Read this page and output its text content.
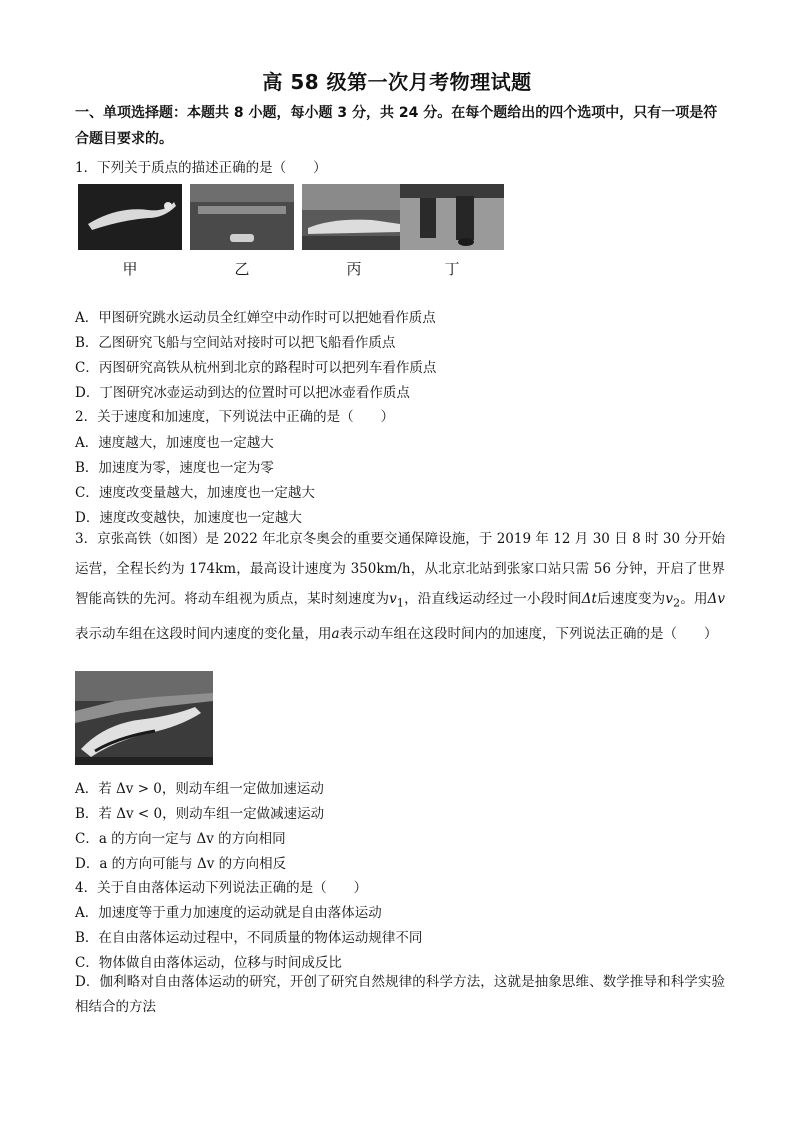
高 58 级第一次月考物理试题
一、单项选择题：本题共 8 小题，每小题 3 分，共 24 分。在每个题给出的四个选项中，只有一项是符合题目要求的。
1．下列关于质点的描述正确的是（　　）
甲	乙	丙	丁
A．甲图研究跳水运动员全红婵空中动作时可以把她看作质点
B．乙图研究飞船与空间站对接时可以把飞船看作质点
C．丙图研究高铁从杭州到北京的路程时可以把列车看作质点
D．丁图研究冰壶运动到达的位置时可以把冰壶看作质点
2．关于速度和加速度，下列说法中正确的是（　　）
A．速度越大，加速度也一定越大
B．加速度为零，速度也一定为零
C．速度改变量越大，加速度也一定越大
D．速度改变越快，加速度也一定越大
3．京张高铁（如图）是 2022 年北京冬奥会的重要交通保障设施，于 2019 年 12 月 30 日 8 时 30 分开始运营，全程长约为 174km，最高设计速度为 350km/h，从北京北站到张家口站只需 56 分钟，开启了世界智能高铁的先河。将动车组视为质点，某时刻速度为$v_1$，沿直线运动经过一小段时间Δt后速度变为$v_2$。用Δv表示动车组在这段时间内速度的变化量，用a表示动车组在这段时间内的加速度，下列说法正确的是（　　）
A．若 Δv > 0，则动车组一定做加速运动
B．若 Δv < 0，则动车组一定做减速运动
C．a 的方向一定与 Δv 的方向相同
D．a 的方向可能与 Δv 的方向相反
4．关于自由落体运动下列说法正确的是（　　）
A．加速度等于重力加速度的运动就是自由落体运动
B．在自由落体运动过程中，不同质量的物体运动规律不同
C．物体做自由落体运动，位移与时间成反比
D．伽利略对自由落体运动的研究，开创了研究自然规律的科学方法，这就是抽象思维、数学推导和科学实验相结合的方法
